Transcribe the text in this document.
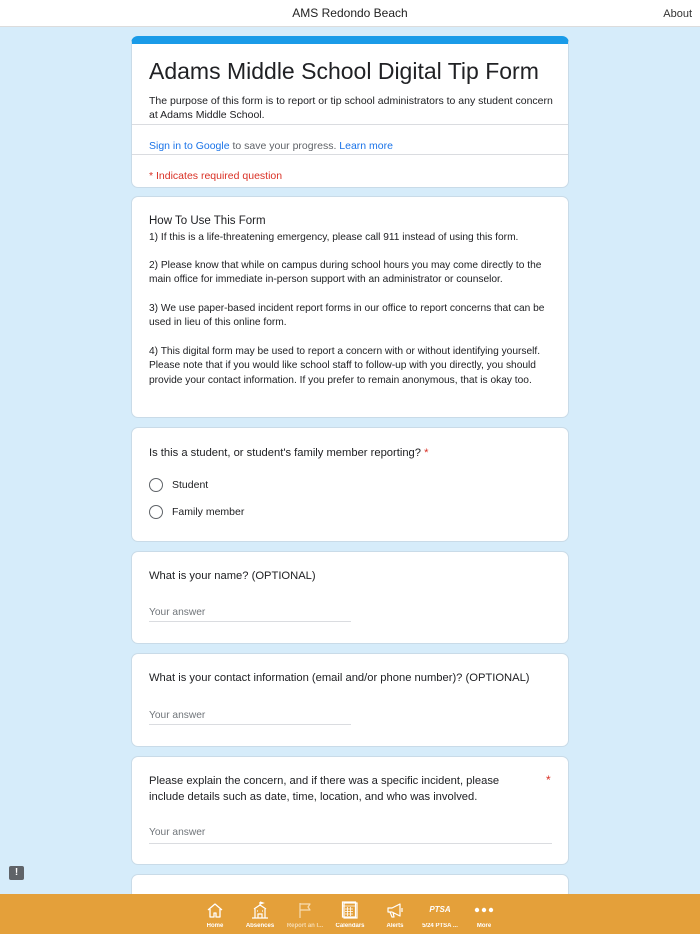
AMS Redondo Beach	About
Adams Middle School Digital Tip Form
The purpose of this form is to report or tip school administrators to any student concern at Adams Middle School.
Sign in to Google to save your progress. Learn more
* Indicates required question
How To Use This Form
1) If this is a life-threatening emergency, please call 911 instead of using this form.
2) Please know that while on campus during school hours you may come directly to the main office for immediate in-person support with an administrator or counselor.
3) We use paper-based incident report forms in our office to report concerns that can be used in lieu of this online form.
4) This digital form may be used to report a concern with or without identifying yourself. Please note that if you would like school staff to follow-up with you directly, you should provide your contact information. If you prefer to remain anonymous, that is okay too.
Is this a student, or student's family member reporting? *
Student
Family member
What is your name? (OPTIONAL)
Your answer
What is your contact information (email and/or phone number)? (OPTIONAL)
Your answer
Please explain the concern, and if there was a specific incident, please include details such as date, time, location, and who was involved.
*
Your answer
!
Home	Absences	Report an I...	Calendars	Alerts
PTSA
5/24 PTSA ...	More
